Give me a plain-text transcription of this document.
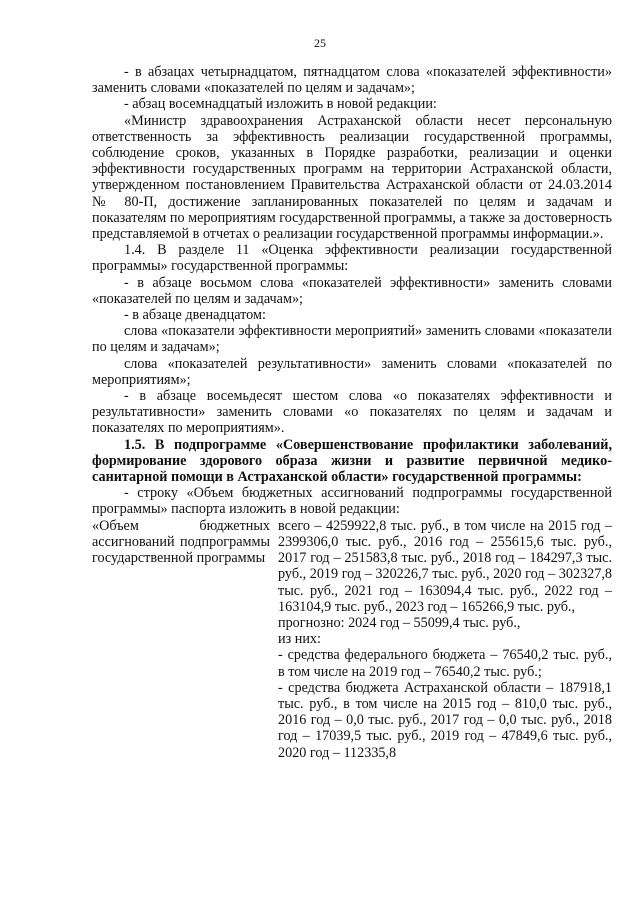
25

- в абзацах четырнадцатом, пятнадцатом слова «показателей эффективности» заменить словами «показателей по целям и задачам»;

- абзац восемнадцатый изложить в новой редакции:

«Министр здравоохранения Астраханской области несет персональную ответственность за эффективность реализации государственной программы, соблюдение сроков, указанных в Порядке разработки, реализации и оценки эффективности государственных программ на территории Астраханской области, утвержденном постановлением Правительства Астраханской области от 24.03.2014 № 80-П, достижение запланированных показателей по целям и задачам и показателям по мероприятиям государственной программы, а также за достоверность представляемой в отчетах о реализации государственной программы информации.».

1.4. В разделе 11 «Оценка эффективности реализации государственной программы» государственной программы:

- в абзаце восьмом слова «показателей эффективности» заменить словами «показателей по целям и задачам»;

- в абзаце двенадцатом:

слова «показатели эффективности мероприятий» заменить словами «показатели по целям и задачам»;

слова «показателей результативности» заменить словами «показателей по мероприятиям»;

- в абзаце восемьдесят шестом слова «о показателях эффективности и результативности» заменить словами «о показателях по целям и задачам и показателях по мероприятиям».

1.5. В подпрограмме «Совершенствование профилактики заболеваний, формирование здорового образа жизни и развитие первичной медико-санитарной помощи в Астраханской области» государственной программы:

- строку «Объем бюджетных ассигнований подпрограммы государственной программы» паспорта изложить в новой редакции:

«Объем бюджетных ассигнований подпрограммы государственной программы

всего – 4259922,8 тыс. руб., в том числе на 2015 год – 2399306,0 тыс. руб., 2016 год – 255615,6 тыс. руб., 2017 год – 251583,8 тыс. руб., 2018 год – 184297,3 тыс. руб., 2019 год – 320226,7 тыс. руб., 2020 год – 302327,8 тыс. руб., 2021 год – 163094,4 тыс. руб., 2022 год – 163104,9 тыс. руб., 2023 год – 165266,9 тыс. руб.,

прогнозно: 2024 год – 55099,4 тыс. руб.,

из них:

- средства федерального бюджета – 76540,2 тыс. руб., в том числе на 2019 год – 76540,2 тыс. руб.;

- средства бюджета Астраханской области – 187918,1 тыс. руб., в том числе на 2015 год – 810,0 тыс. руб., 2016 год – 0,0 тыс. руб., 2017 год – 0,0 тыс. руб., 2018 год – 17039,5 тыс. руб., 2019 год – 47849,6 тыс. руб., 2020 год – 112335,8
